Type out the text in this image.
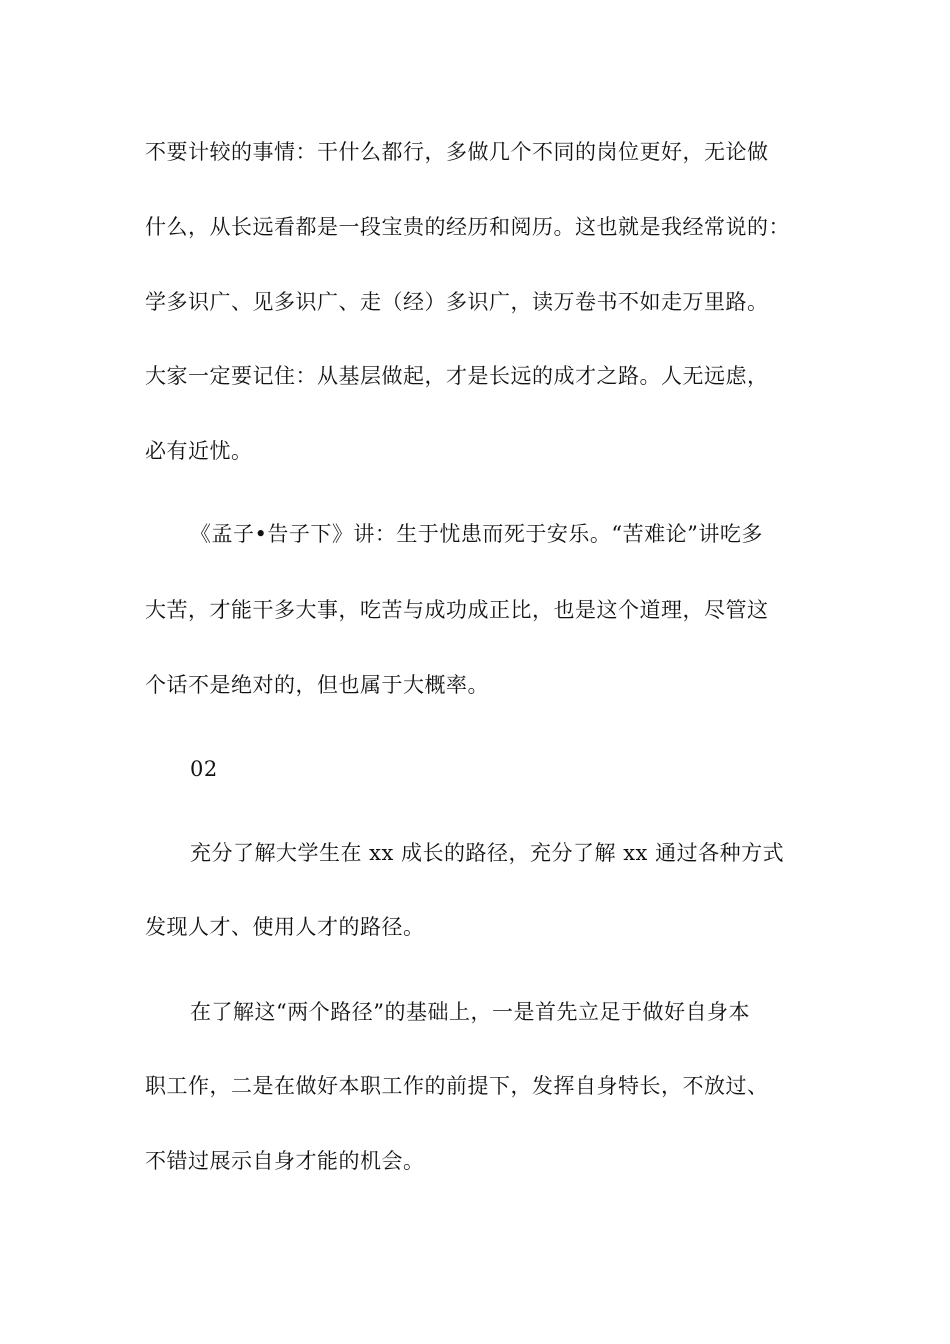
不要计较的事情：干什么都行，多做几个不同的岗位更好，无论做
什么，从长远看都是一段宝贵的经历和阅历。这也就是我经常说的：
学多识广、见多识广、走（经）多识广，读万卷书不如走万里路。
大家一定要记住：从基层做起，才是长远的成才之路。人无远虑，
必有近忧。
《孟子•告子下》讲：生于忧患而死于安乐。“苦难论”讲吃多
大苦，才能干多大事，吃苦与成功成正比，也是这个道理，尽管这
个话不是绝对的，但也属于大概率。
02
充分了解大学生在 xx 成长的路径，充分了解 xx 通过各种方式
发现人才、使用人才的路径。
在了解这“两个路径”的基础上，一是首先立足于做好自身本
职工作，二是在做好本职工作的前提下，发挥自身特长，不放过、
不错过展示自身才能的机会。
